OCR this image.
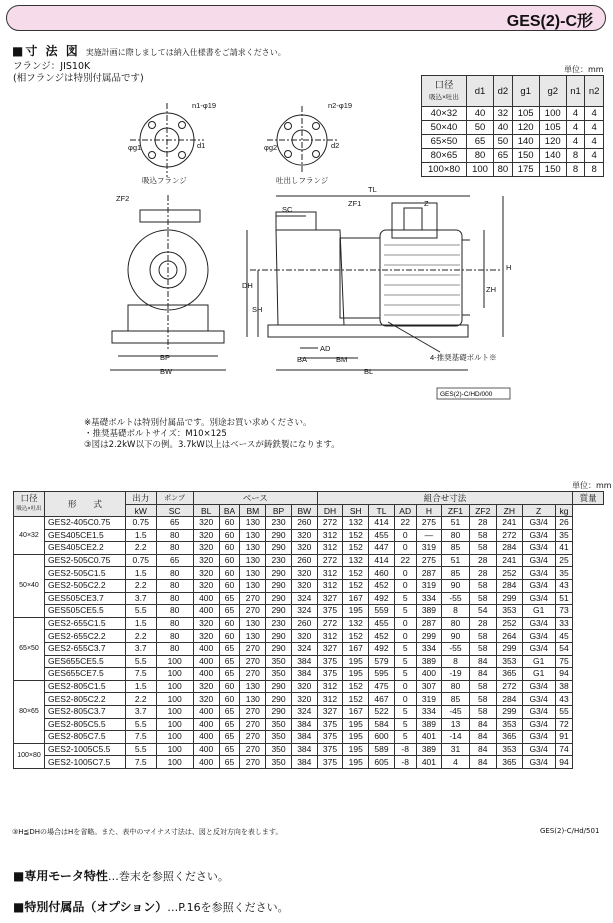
GES(2)-C形
■寸 法 図 実施計画に際しましては納入仕様書をご請求ください。
フランジ：JIS10K
(相フランジは特別付属品です)
単位：mm
口径
吸込×吐出	d1	d2	g1	g2	n1	n2
40×32	40	32	105	100	4	4
50×40	50	40	120	105	4	4
65×50	65	50	140	120	4	4
80×65	80	65	150	140	8	4
100×80	100	80	175	150	8	8
n1-φ19	n2-φ19
φg1	d1	φg2	d2
吸込フランジ	吐出しフランジ
ZF2
TL
SC
ZF1	Z
DH
SH
H
ZH
AD
BA	BM
BL
BP
BW
4-推奨基礎ボルト※
GES(2)-C/HD/000
※基礎ボルトは特別付属品です。別途お買い求めください。
・推奨基礎ボルトサイズ：M10×125
③図は2.2kW以下の例。3.7kW以上はベースが鋳鉄製になります。
単位：mm
口径
吸込×吐出	形　　式	出力	ポンプ	ベース					組合せ寸法										質量
		kW	SC	BL	BA	BM	BP	BW	DH	SH	TL	AD	H	ZF1	ZF2	ZH	Z	kg	
40×32	GES2-405C0.75	0.75	65	320	60	130	230	260	272	132	414	22	275	51	28	241	G3/4	26	
	GES405CE1.5	1.5	80	320	60	130	290	320	312	152	455	0	—	80	58	272	G3/4	35	
	GES405CE2.2	2.2	80	320	60	130	290	320	312	152	447	0	319	85	58	284	G3/4	41	
50×40	GES2-505C0.75	0.75	65	320	60	130	230	260	272	132	414	22	275	51	28	241	G3/4	25	
	GES2-505C1.5	1.5	80	320	60	130	290	320	312	152	460	0	287	85	28	252	G3/4	35	
	GES2-505C2.2	2.2	80	320	60	130	290	320	312	152	452	0	319	90	58	284	G3/4	43	
	GES505CE3.7	3.7	80	400	65	270	290	324	327	167	492	5	334	-55	58	299	G3/4	51	
	GES505CE5.5	5.5	80	400	65	270	290	324	375	195	559	5	389	8	54	353	G1	73	
65×50	GES2-655C1.5	1.5	80	320	60	130	230	260	272	132	455	0	287	80	28	252	G3/4	33	
	GES2-655C2.2	2.2	80	320	60	130	290	320	312	152	452	0	299	90	58	264	G3/4	45	
	GES2-655C3.7	3.7	80	400	65	270	290	324	327	167	492	5	334	-55	58	299	G3/4	54	
	GES655CE5.5	5.5	100	400	65	270	350	384	375	195	579	5	389	8	84	353	G1	75	
	GES655CE7.5	7.5	100	400	65	270	350	384	375	195	595	5	400	-19	84	365	G1	94	
80×65	GES2-805C1.5	1.5	100	320	60	130	290	320	312	152	475	0	307	80	58	272	G3/4	38	
	GES2-805C2.2	2.2	100	320	60	130	290	320	312	152	467	0	319	85	58	284	G3/4	43	
	GES2-805C3.7	3.7	100	400	65	270	290	324	327	167	522	5	334	-45	58	299	G3/4	55	
	GES2-805C5.5	5.5	100	400	65	270	350	384	375	195	584	5	389	13	84	353	G3/4	72	
	GES2-805C7.5	7.5	100	400	65	270	350	384	375	195	600	5	401	-14	84	365	G3/4	91	
100×80	GES2-1005C5.5	5.5	100	400	65	270	350	384	375	195	589	-8	389	31	84	353	G3/4	74	
	GES2-1005C7.5	7.5	100	400	65	270	350	384	375	195	605	-8	401	4	84	365	G3/4	94	
③H≦DHの場合はHを省略。また、表中のマイナス寸法は、図と反対方向を表します。	GES(2)-C/Hd/501
■専用モータ特性…巻末を参照ください。
■特別付属品（オプション）…P.16を参照ください。
